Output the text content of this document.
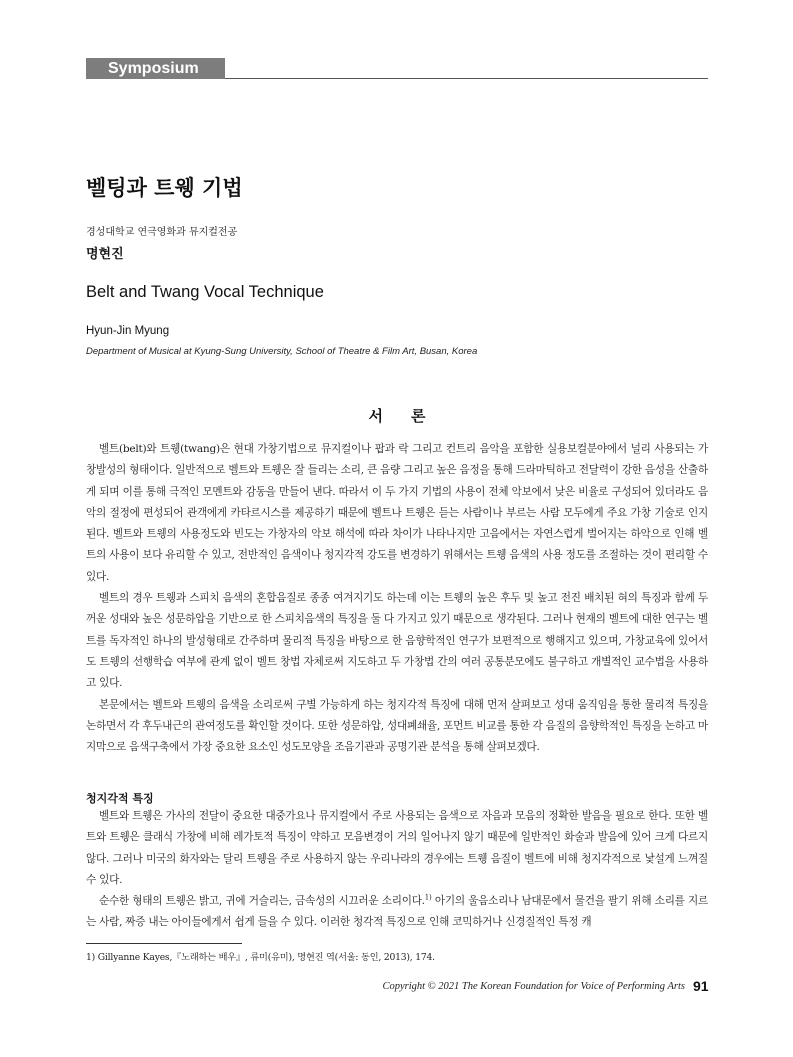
Symposium
벨팅과 트웽 기법
경성대학교 연극영화과 뮤지컬전공
명현진
Belt and Twang Vocal Technique
Hyun-Jin Myung
Department of Musical at Kyung-Sung University, School of Theatre & Film Art, Busan, Korea
서론

벨트(belt)와 트웽(twang)은 현대 가창기법으로 뮤지컬이나 팝과 락 그리고 컨트리 음악을 포함한 실용보컬분야에서 널리 사용되는 가창발성의 형태이다. 일반적으로 벨트와 트웽은 잘 들리는 소리, 큰 음량 그리고 높은 음정을 통해 드라마틱하고 전달력이 강한 음성을 산출하게 되며 이를 통해 극적인 모멘트와 감동을 만들어 낸다. 따라서 이 두 가지 기법의 사용이 전체 악보에서 낮은 비율로 구성되어 있더라도 음악의 절정에 편성되어 관객에게 카타르시스를 제공하기 때문에 벨트나 트웽은 듣는 사람이나 부르는 사람 모두에게 주요 가창 기술로 인지된다. 벨트와 트웽의 사용정도와 빈도는 가창자의 악보 해석에 따라 차이가 나타나지만 고음에서는 자연스럽게 벌어지는 하악으로 인해 벨트의 사용이 보다 유리할 수 있고, 전반적인 음색이나 청지각적 강도를 변경하기 위해서는 트웽 음색의 사용 정도를 조절하는 것이 편리할 수 있다.

벨트의 경우 트웽과 스피치 음색의 혼합음질로 종종 여겨지기도 하는데 이는 트웽의 높은 후두 및 높고 전진 배치된 혀의 특징과 함께 두꺼운 성대와 높은 성문하압을 기반으로 한 스피치음색의 특징을 둘 다 가지고 있기 때문으로 생각된다. 그러나 현재의 벨트에 대한 연구는 벨트를 독자적인 하나의 발성형태로 간주하며 물리적 특징을 바탕으로 한 음향학적인 연구가 보편적으로 행해지고 있으며, 가창교육에 있어서도 트웽의 선행학습 여부에 관계 없이 벨트 창법 자체로써 지도하고 두 가창법 간의 여러 공통분모에도 불구하고 개별적인 교수법을 사용하고 있다.

본문에서는 벨트와 트웽의 음색을 소리로써 구별 가능하게 하는 청지각적 특징에 대해 먼저 살펴보고 성대 움직임을 통한 물리적 특징을 논하면서 각 후두내근의 관여정도를 확인할 것이다. 또한 성문하압, 성대폐쇄율, 포먼트 비교를 통한 각 음질의 음향학적인 특징을 논하고 마지막으로 음색구축에서 가장 중요한 요소인 성도모양을 조음기관과 공명기관 분석을 통해 살펴보겠다.

청지각적 특징

벨트와 트웽은 가사의 전달이 중요한 대중가요나 뮤지컬에서 주로 사용되는 음색으로 자음과 모음의 정확한 발음을 필요로 한다. 또한 벨트와 트웽은 클래식 가창에 비해 레가토적 특징이 약하고 모음변경이 거의 일어나지 않기 때문에 일반적인 화술과 발음에 있어 크게 다르지 않다. 그러나 미국의 화자와는 달리 트웽을 주로 사용하지 않는 우리나라의 경우에는 트웽 음질이 벨트에 비해 청지각적으로 낯설게 느껴질 수 있다.

순수한 형태의 트웽은 밝고, 귀에 거슬리는, 금속성의 시끄러운 소리이다.$^{1)}$ 아기의 울음소리나 남대문에서 물건을 팔기 위해 소리를 지르는 사람, 짜증 내는 아이들에게서 쉽게 들을 수 있다. 이러한 청각적 특징으로 인해 코믹하거나 신경질적인 특정 캐

1) Gillyanne Kayes,『노래하는 배우』, 류미(유미), 명현진 역(서울: 동인, 2013), 174.
Copyright © 2021 The Korean Foundation for Voice of Performing Arts 91
